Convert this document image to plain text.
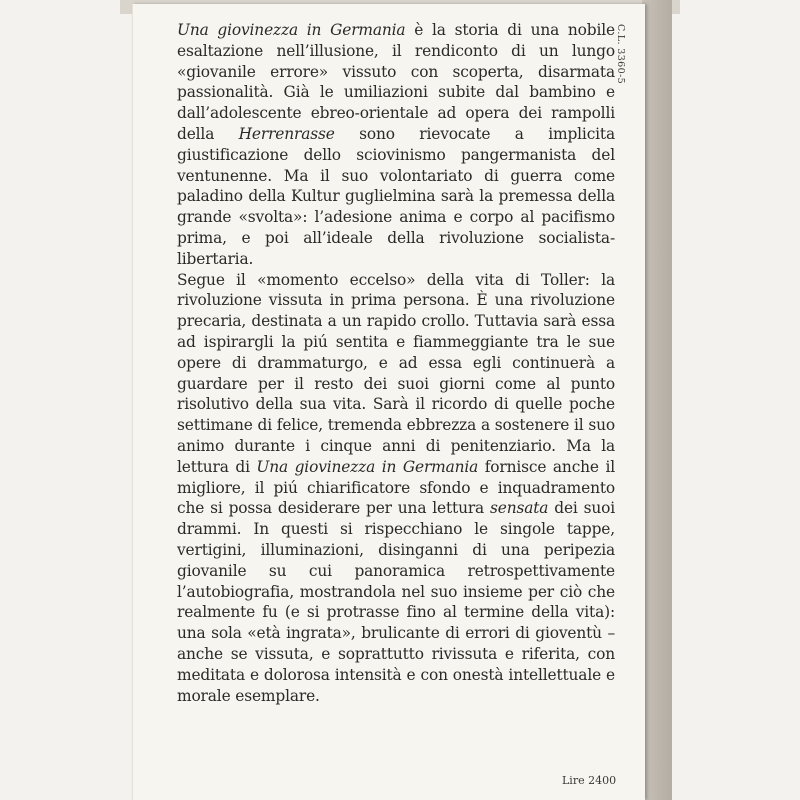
Una giovinezza in Germania è la storia di una nobile esaltazione nell’illusione, il rendiconto di un lungo «giovanile errore» vissuto con scoperta, disarmata passionalità. Già le umiliazioni subite dal bambino e dall’adolescente ebreo-orientale ad opera dei rampolli della Herrenrasse sono rievocate a implicita giustificazione dello sciovinismo pangermanista del ventunenne. Ma il suo volontariato di guerra come paladino della Kultur guglielmina sarà la premessa della grande «svolta»: l’adesione anima e corpo al pacifismo prima, e poi all’ideale della rivoluzione socialista-libertaria.

Segue il «momento eccelso» della vita di Toller: la rivoluzione vissuta in prima persona. È una rivoluzione precaria, destinata a un rapido crollo. Tuttavia sarà essa ad ispirargli la piú sentita e fiammeggiante tra le sue opere di drammaturgo, e ad essa egli continuerà a guardare per il resto dei suoi giorni come al punto risolutivo della sua vita. Sarà il ricordo di quelle poche settimane di felice, tremenda ebbrezza a sostenere il suo animo durante i cinque anni di penitenziario. Ma la lettura di Una giovinezza in Germania fornisce anche il migliore, il piú chiarificatore sfondo e inquadramento che si possa desiderare per una lettura sensata dei suoi drammi. In questi si rispecchiano le singole tappe, vertigini, illuminazioni, disinganni di una peripezia giovanile su cui panoramica retrospettivamente l’autobiografia, mostrandola nel suo insieme per ciò che realmente fu (e si protrasse fino al termine della vita): una sola «età ingrata», brulicante di errori di gioventù – anche se vissuta, e soprattutto rivissuta e riferita, con meditata e dolorosa intensità e con onestà intellettuale e morale esemplare.

C.L. 3360-5
Lire 2400
